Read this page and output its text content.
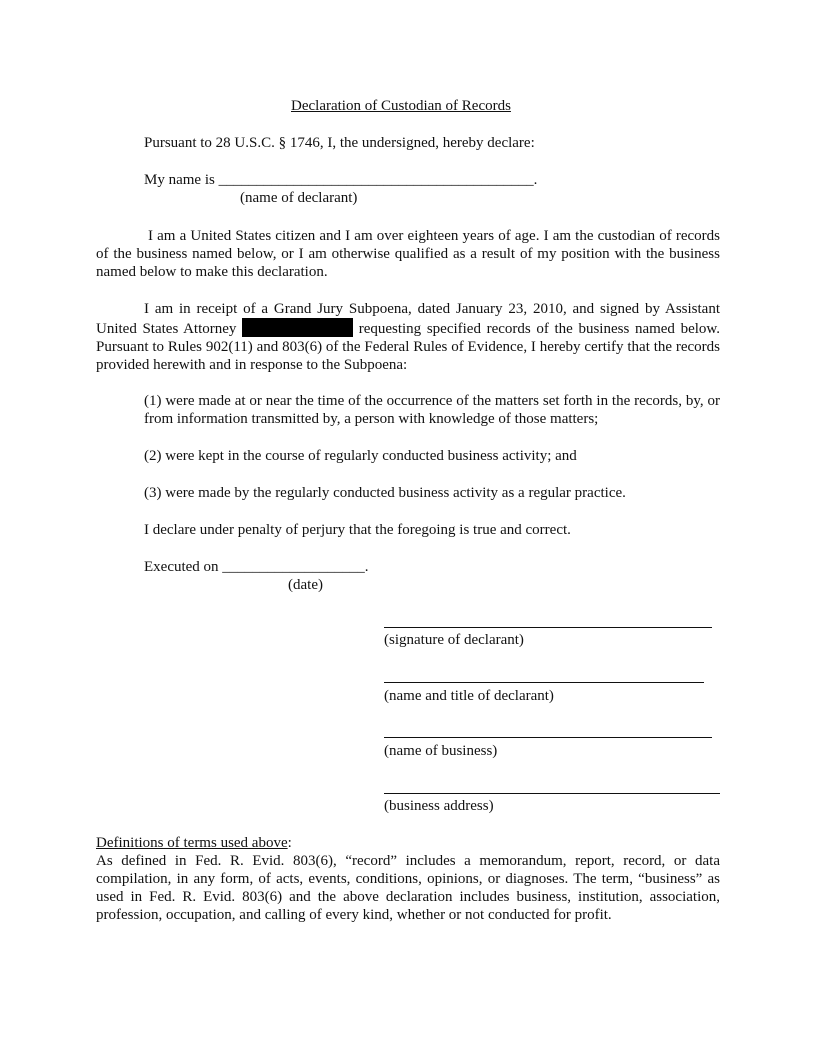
Declaration of Custodian of Records
Pursuant to 28 U.S.C. § 1746, I, the undersigned, hereby declare:
My name is __________________________________________.
(name of declarant)
I am a United States citizen and I am over eighteen years of age. I am the custodian of records of the business named below, or I am otherwise qualified as a result of my position with the business named below to make this declaration.
I am in receipt of a Grand Jury Subpoena, dated January 23, 2010, and signed by Assistant United States Attorney	requesting specified records of the business named below. Pursuant to Rules 902(11) and 803(6) of the Federal Rules of Evidence, I hereby certify that the records provided herewith and in response to the Subpoena:
(1) were made at or near the time of the occurrence of the matters set forth in the records, by, or from information transmitted by, a person with knowledge of those matters;
(2) were kept in the course of regularly conducted business activity; and
(3) were made by the regularly conducted business activity as a regular practice.
I declare under penalty of perjury that the foregoing is true and correct.
Executed on ___________________.
(date)
(signature of declarant)
(name and title of declarant)
(name of business)
(business address)
Definitions of terms used above:
As defined in Fed. R. Evid. 803(6), “record” includes a memorandum, report, record, or data compilation, in any form, of acts, events, conditions, opinions, or diagnoses. The term, “business” as used in Fed. R. Evid. 803(6) and the above declaration includes business, institution, association, profession, occupation, and calling of every kind, whether or not conducted for profit.
